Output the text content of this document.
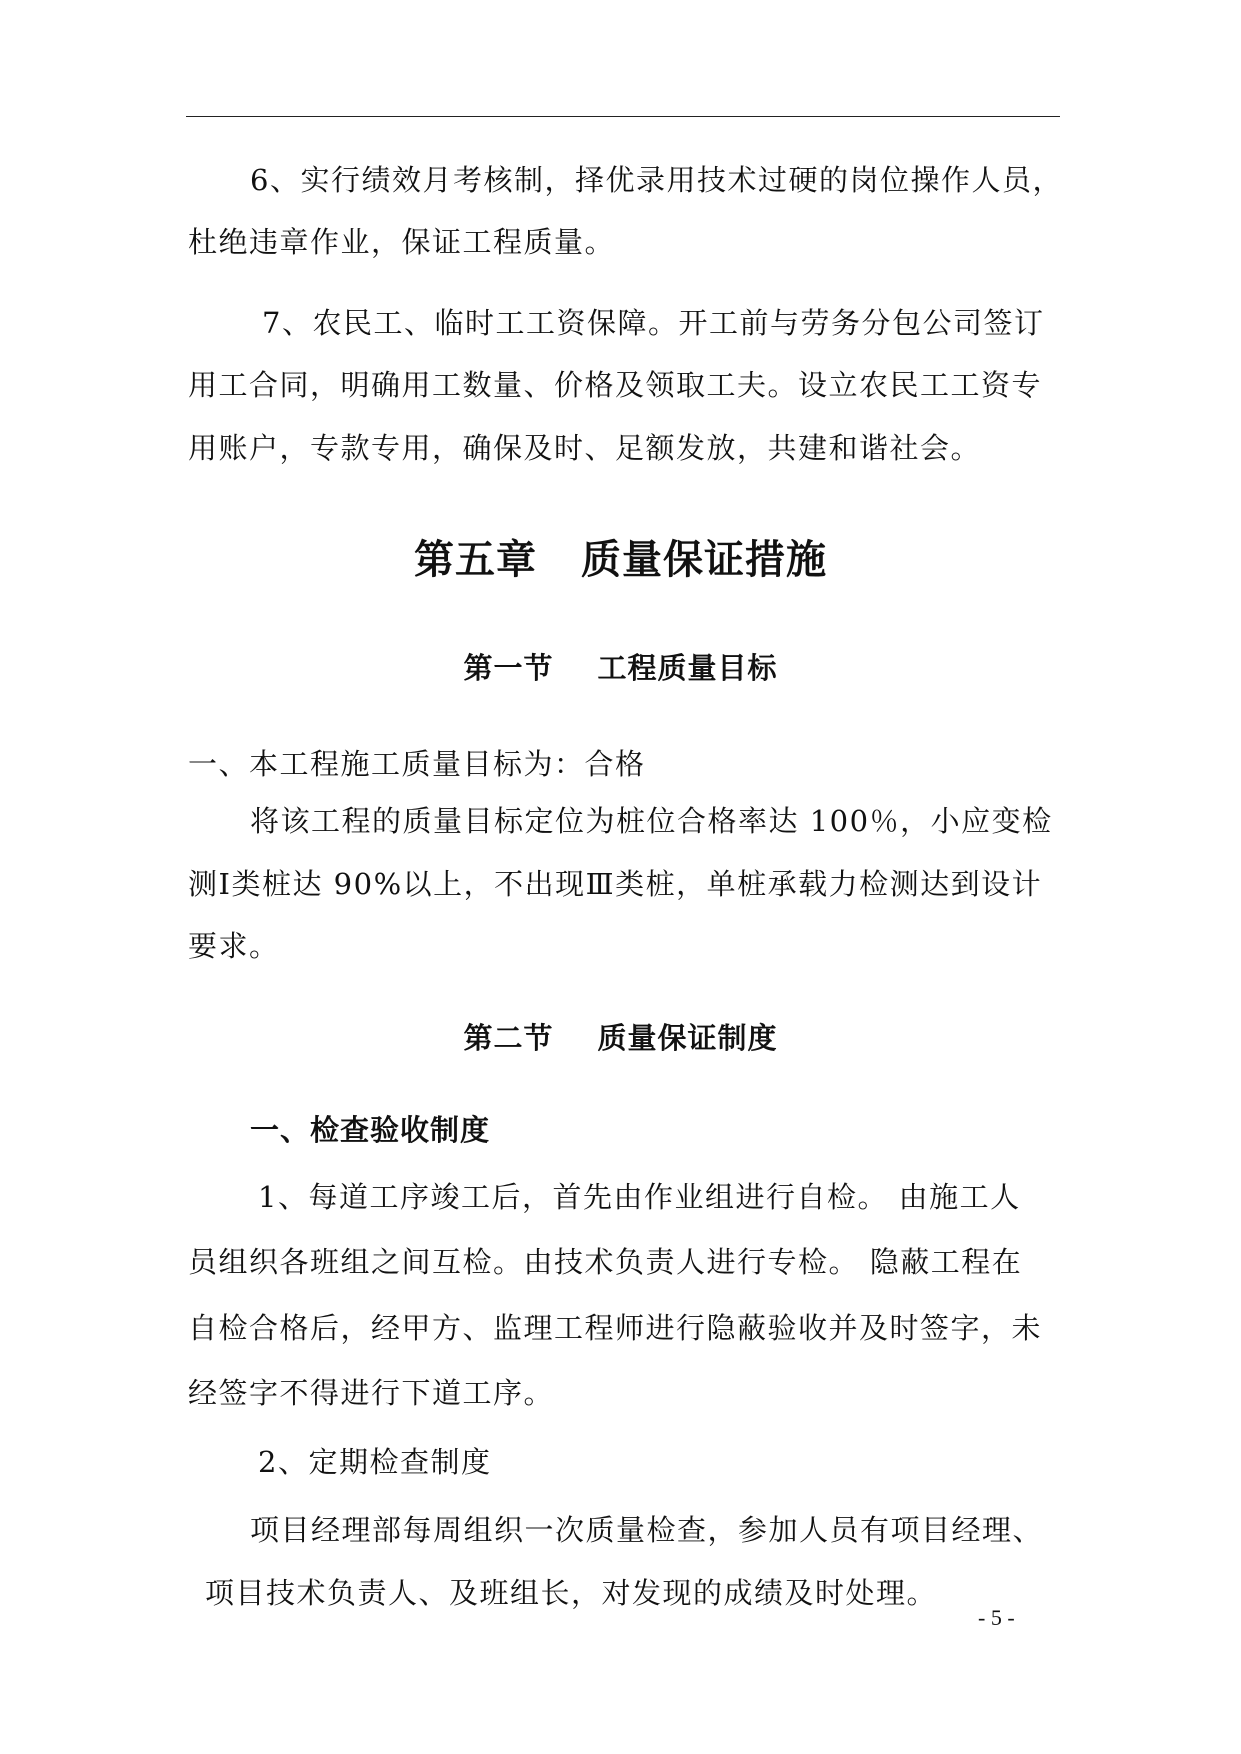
6、实行绩效月考核制，择优录用技术过硬的岗位操作人员，
杜绝违章作业，保证工程质量。
7、农民工、临时工工资保障。开工前与劳务分包公司签订
用工合同，明确用工数量、价格及领取工夫。设立农民工工资专
用账户，专款专用，确保及时、足额发放，共建和谐社会。
第五章 质量保证措施
第一节 工程质量目标
一、本工程施工质量目标为：合格
将该工程的质量目标定位为桩位合格率达 100％，小应变检
测Ⅰ类桩达 90%以上，不出现Ⅲ类桩，单桩承载力检测达到设计
要求。
第二节 质量保证制度
一、检查验收制度
1、每道工序竣工后，首先由作业组进行自检。 由施工人
员组织各班组之间互检。由技术负责人进行专检。 隐蔽工程在
自检合格后，经甲方、监理工程师进行隐蔽验收并及时签字，未
经签字不得进行下道工序。
2、定期检查制度
项目经理部每周组织一次质量检查，参加人员有项目经理、
项目技术负责人、及班组长，对发现的成绩及时处理。
- 5 -
